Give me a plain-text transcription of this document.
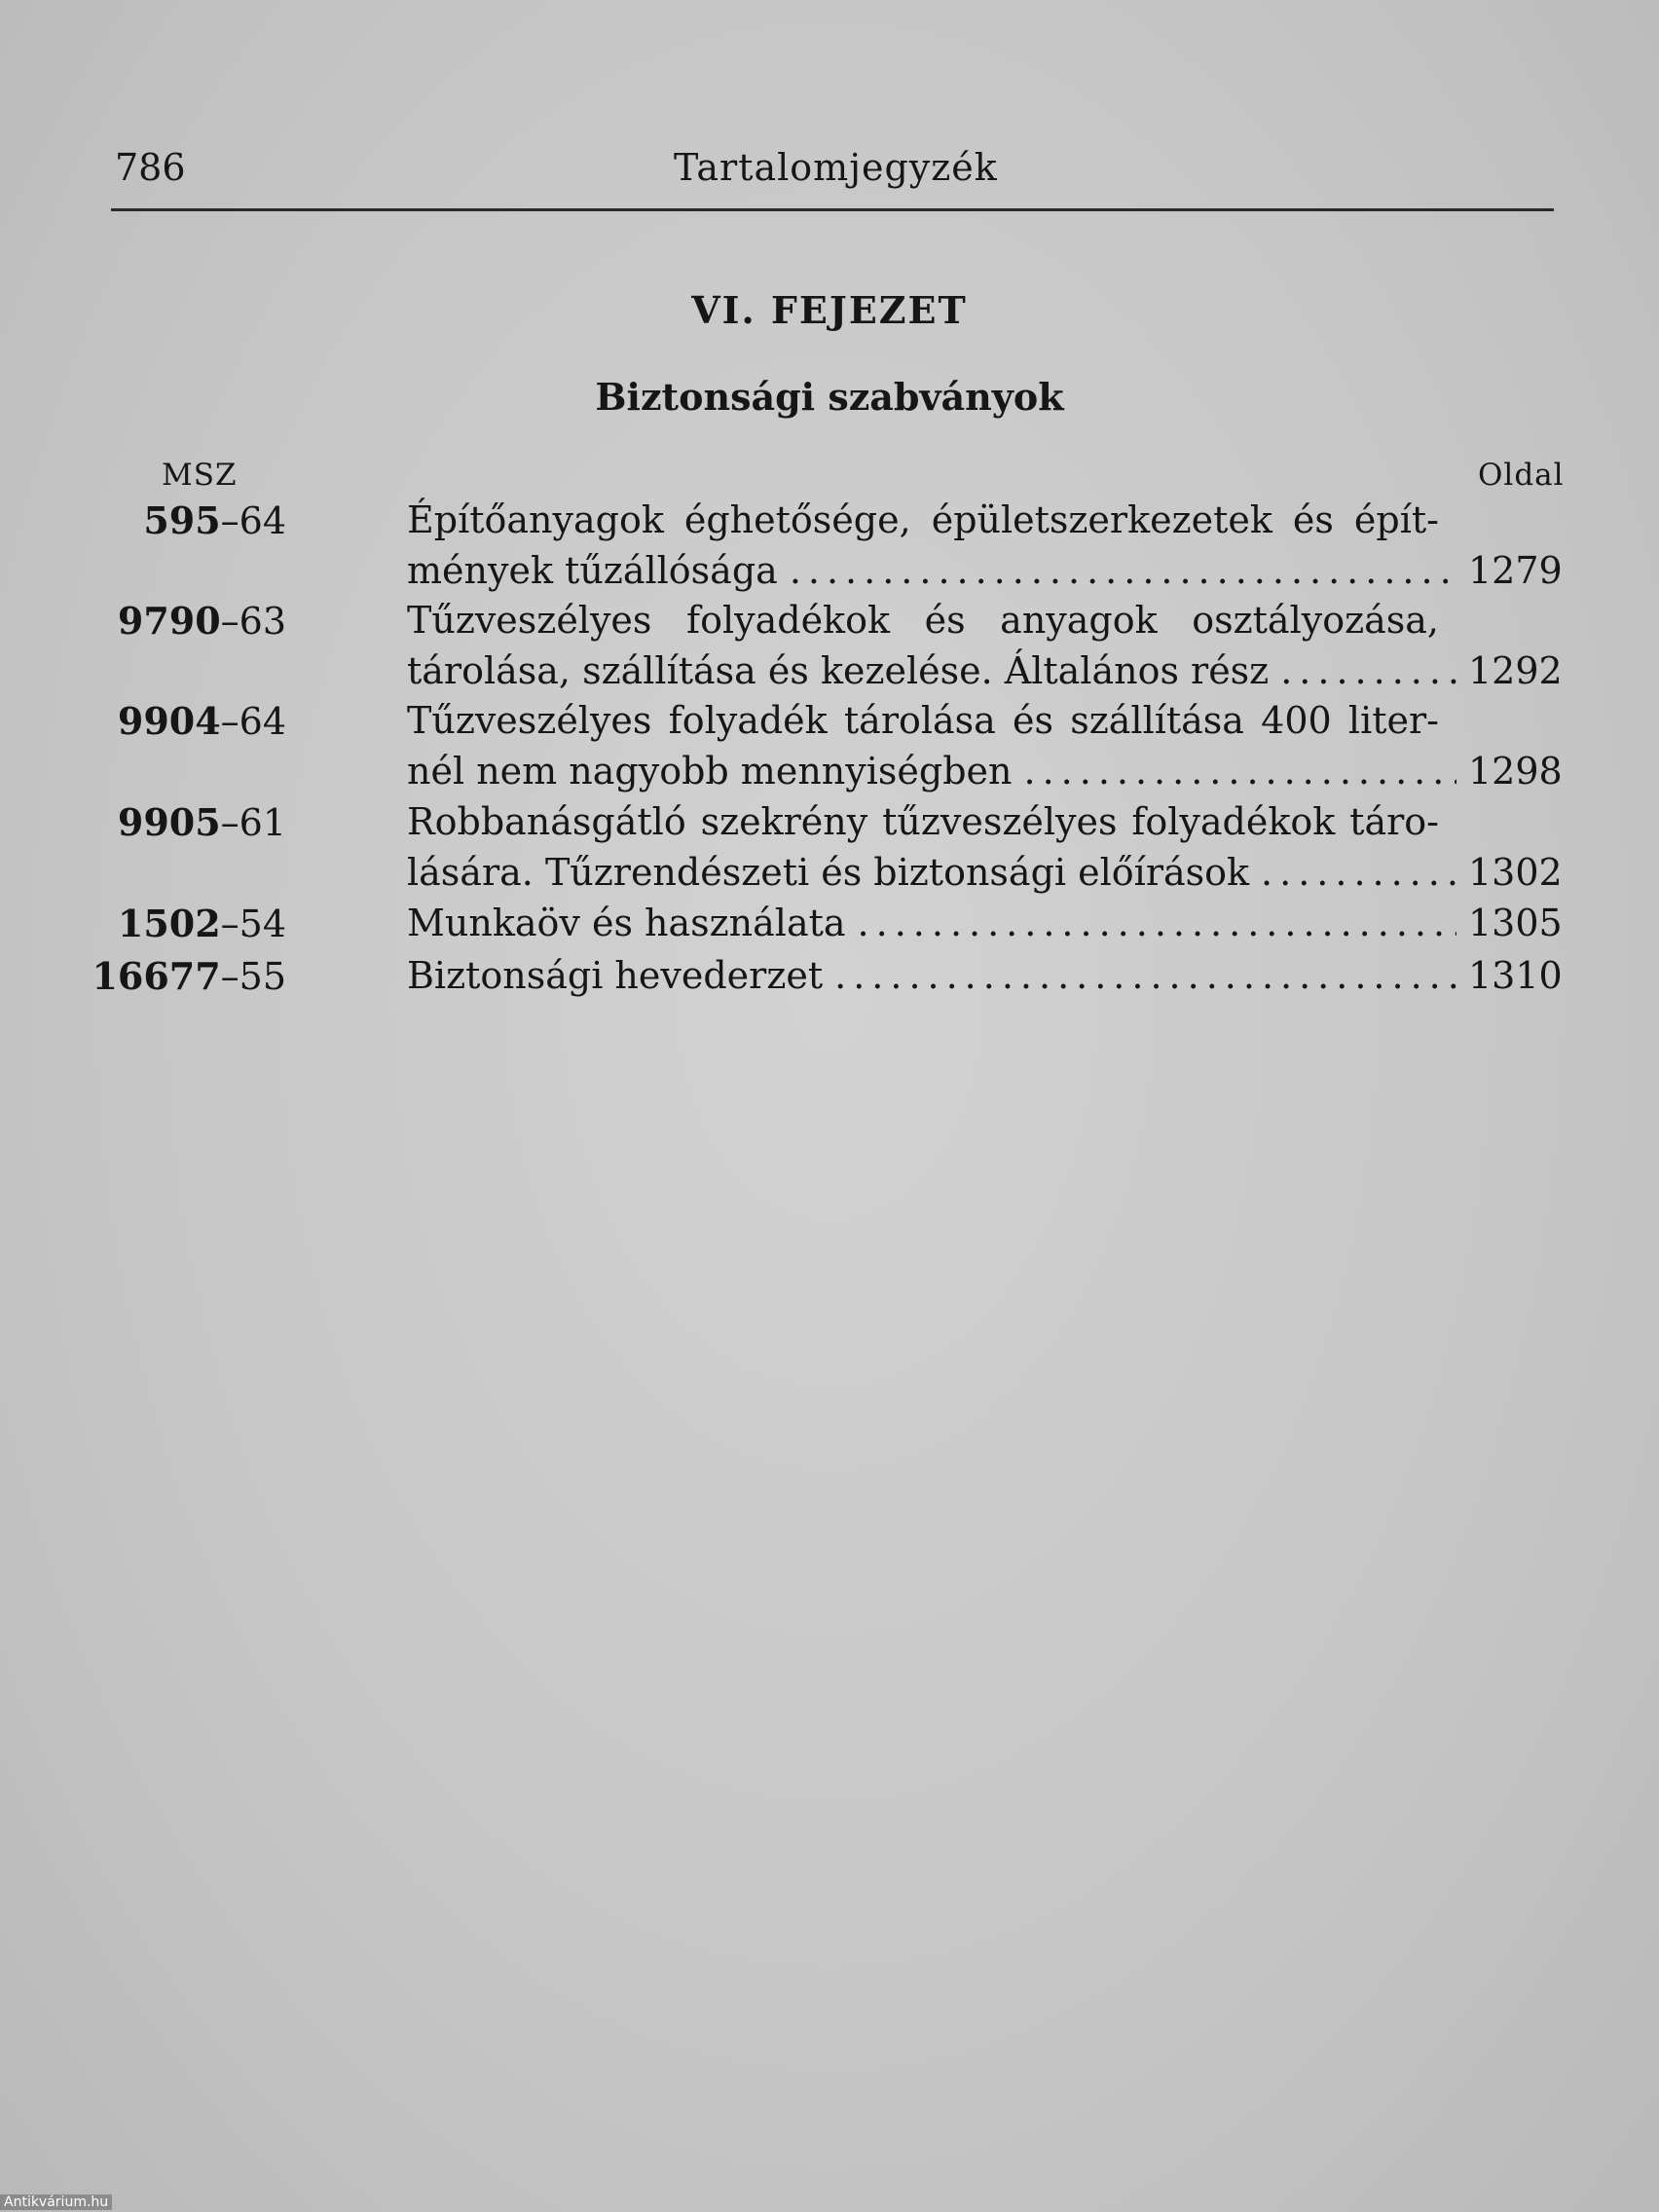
786	Tartalomjegyzék
VI. FEJEZET
Biztonsági szabványok
MSZ	Oldal
595–64	Építőanyagok éghetősége, épületszerkezetek és épít-
mények tűzállósága .....	1279
9790–63	Tűzveszélyes folyadékok és anyagok osztályozása,
tárolása, szállítása és kezelése. Általános rész .....	1292
9904–64	Tűzveszélyes folyadék tárolása és szállítása 400 liter-
nél nem nagyobb mennyiségben .....	1298
9905–61	Robbanásgátló szekrény tűzveszélyes folyadékok táro-
lására. Tűzrendészeti és biztonsági előírások .....	1302
1502–54	Munkaöv és használata .....	1305
16677–55	Biztonsági hevederzet .....	1310
Antikvárium.hu
